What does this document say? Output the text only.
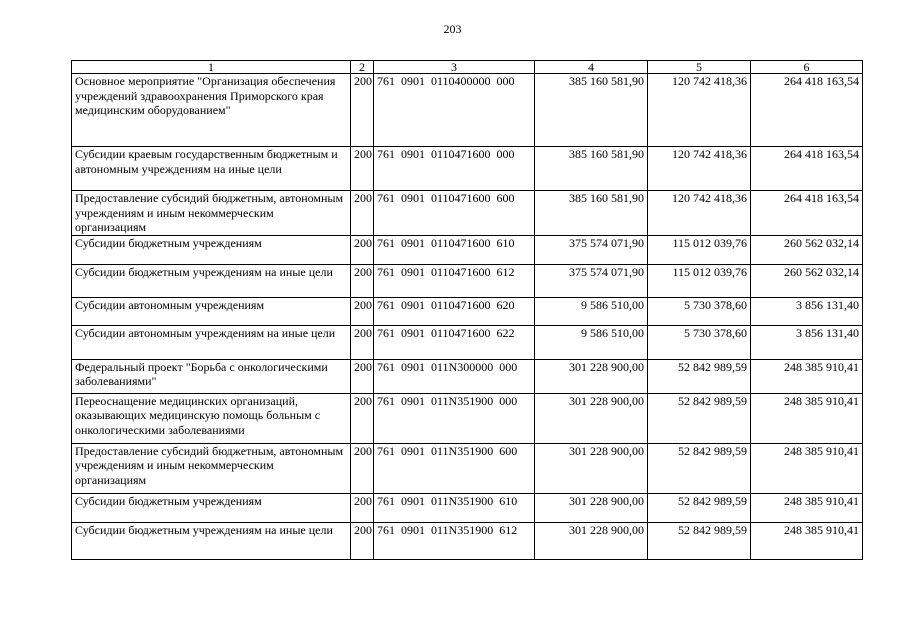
203
1	2	3	4	5	6
Основное мероприятие "Организация обеспечения учреждений здравоохранения Приморского края медицинским оборудованием"	200	761  0901  0110400000  000	385 160 581,90	120 742 418,36	264 418 163,54
Субсидии краевым государственным бюджетным и автономным учреждениям на иные цели	200	761  0901  0110471600  000	385 160 581,90	120 742 418,36	264 418 163,54
Предоставление субсидий бюджетным, автономным учреждениям и иным некоммерческим организациям	200	761  0901  0110471600  600	385 160 581,90	120 742 418,36	264 418 163,54
Субсидии бюджетным учреждениям	200	761  0901  0110471600  610	375 574 071,90	115 012 039,76	260 562 032,14
Субсидии бюджетным учреждениям на иные цели	200	761  0901  0110471600  612	375 574 071,90	115 012 039,76	260 562 032,14
Субсидии автономным учреждениям	200	761  0901  0110471600  620	9 586 510,00	5 730 378,60	3 856 131,40
Субсидии автономным учреждениям на иные цели	200	761  0901  0110471600  622	9 586 510,00	5 730 378,60	3 856 131,40
Федеральный проект "Борьба с онкологическими заболеваниями"	200	761  0901  011N300000  000	301 228 900,00	52 842 989,59	248 385 910,41
Переоснащение медицинских организаций, оказывающих медицинскую помощь больным с онкологическими заболеваниями	200	761  0901  011N351900  000	301 228 900,00	52 842 989,59	248 385 910,41
Предоставление субсидий бюджетным, автономным учреждениям и иным некоммерческим организациям	200	761  0901  011N351900  600	301 228 900,00	52 842 989,59	248 385 910,41
Субсидии бюджетным учреждениям	200	761  0901  011N351900  610	301 228 900,00	52 842 989,59	248 385 910,41
Субсидии бюджетным учреждениям на иные цели	200	761  0901  011N351900  612	301 228 900,00	52 842 989,59	248 385 910,41
